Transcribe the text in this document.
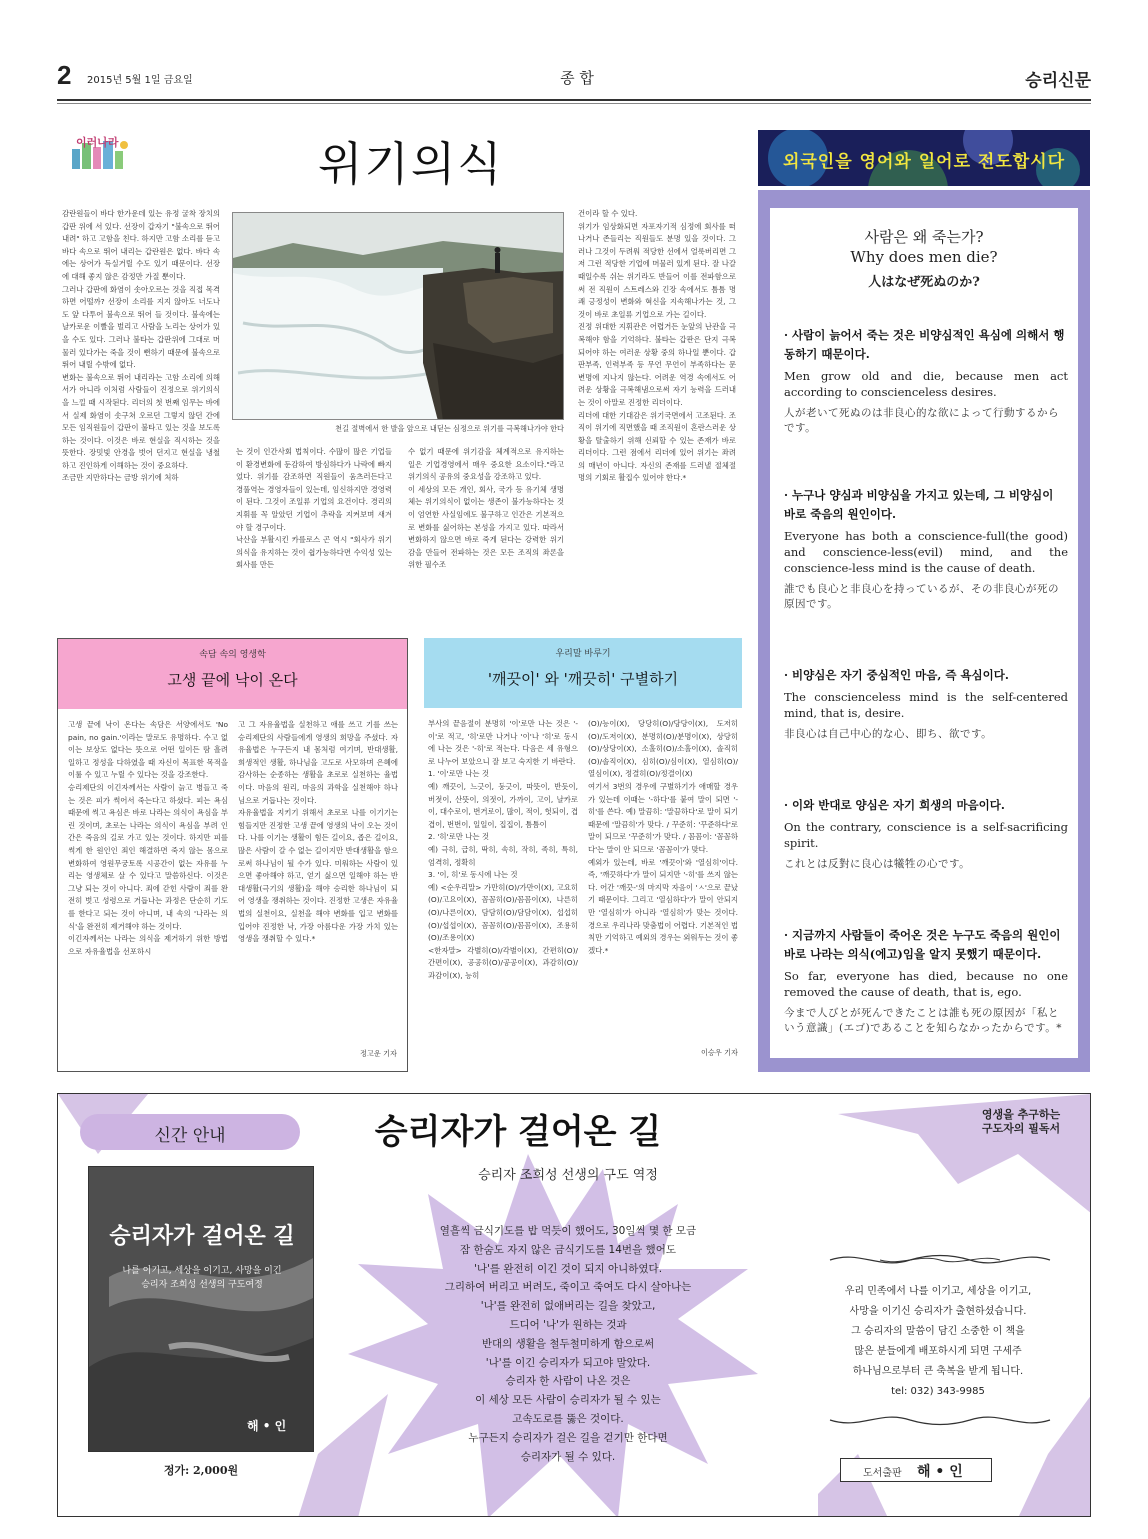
2 2015년 5월 1일 금요일	종 합	승리신문
이러나라	위기의식
감란원들이 바다 한가운데 있는 유정 굴착 장치의 갑판 위에 서 있다. 선장이 갑자기 "불속으로 뛰어 내려" 하고 고함을 친다. 하지만 고함 소리를 듣고 바다 속으로 뛰어 내리는 갑란원은 없다. 바다 속에는 상어가 득실거릴 수도 있기 때문이다. 선장에 대해 좋지 않은 감정만 가질 뿐이다.
그러나 갑판에 화염이 솟아오르는 것을 직접 목격하면 어떨까? 선장이 소리를 지지 않아도 너도나도 앞 다투어 불속으로 뛰어 들 것이다. 불속에는 날카로운 이빨을 벌리고 사람을 노리는 상어가 있을 수도 있다. 그러나 불타는 갑판위에 그대로 머물러 있다가는 죽을 것이 뻔하기 때문에 불속으로 뛰어 내릴 수밖에 없다.
변화는 불속으로 뛰어 내리라는 고함 소리에 의해서가 아니라 이처럼 사람들이 진정으로 위기의식을 느낄 때 시작된다. 리더의 첫 번째 임무는 바에서 실제 화염이 솟구쳐 오르던 그렇지 않던 간에 모든 임직원들이 갑판이 불타고 있는 것을 보도록 하는 것이다. 이것은 바로 현실을 직시하는 것을 뜻한다. 장밋빛 안경을 벗어 던지고 현실을 냉철하고 진인하게 이해하는 것이 중요하다.
조금만 지만하다는 금방 위기에 처하
천길 절벽에서 한 발을 앞으로 내딛는 심정으로 위기를 극복해나가야 한다
는 것이 인간사회 법칙이다. 수많이 많은 기업들이 환경변화에 둔감하여 방심하다가 나락에 빠지었다. 위기를 감조하면 직원들이 움츠러든다고 경풀역는 경영자들이 있는데, 임신하지만 경영력이 된다. 그것이 조일류 기업의 요건이다. 경리의 지휘를 꼭 알았던 기업이 추락을 지켜보며 새겨야 할 경구이다.
낙산을 부활시킨 카를로스 곤 역시 "회사가 위기의식을 유지하는 것이 쉽가능하다면 수익성 있는 회사를 만든
수 없기 때문에 위기감을 체계적으로 유지하는 일은 기업경영에서 매우 중요한 요소이다."라고 위기의식 공유의 중요성을 강조하고 있다.
이 세상의 모든 개인, 회사, 국가 등 유기체 생명체는 위기의식이 없이는 생존이 불가능하다는 것이 엄연한 사실임에도 불구하고 인간은 기본적으로 변화를 싫어하는 본성을 가지고 있다. 따라서 변화하지 않으면 바로 죽게 된다는 강력한 위기감을 만들어 전파하는 것은 모든 조직의 좌론을 위한 필수조
건이라 할 수 있다.
위기가 임상화되면 자포자기적 심정에 회사를 떠나거나 존들리는 직원들도 분명 있을 것이다. 그러나 그것이 두려워 적당한 선에서 얼룩버리면 그 저 그런 적당한 기업에 머물러 있게 된다. 잘 나갈 때일수록 쉬는 위기라도 반들어 이를 전파함으로써 전 직원이 스트레스와 긴장 속에서도 틈틈 명쾌 긍정성이 변화와 혁신을 지속해나가는 것, 그것이 바로 초일류 기업으로 가는 길이다.
진정 위대한 지휘관은 어렵거든 눈앞의 난관을 극복해야 함을 기억하다. 불타는 갑판은 단지 극복되어야 하는 여러운 상황 중의 하나일 뿐이다. 갑판부족, 인력부족 등 무언 무언이 부족하다는 문 변명에 지나지 않는다. 어려운 역경 속에서도 어려운 상황을 극복해냄으로써 자기 능력을 드러내는 것이 아말로 진정한 리더이다.
리더에 대한 기대감은 위기국면에서 고조된다. 조직이 위기에 직면했을 때 조직원이 혼란스러운 상황을 탈출하기 위해 신뢰할 수 있는 존재가 바로 리더이다. 그런 점에서 리더에 있어 위기는 좌려의 매년이 아니다. 자신의 존재를 드러낼 절체절명의 기회로 활집수 있어야 한다.*
외국인을 영어와 일어로 전도합시다
사람은 왜 죽는가?
Why does men die?
人はなぜ死ぬのか?
· 사람이 늙어서 죽는 것은 비양심적인 욕심에 의해서 행동하기 때문이다.
Men grow old and die, because men act according to conscienceless desires.
人が老いて死ぬのは非良心的な欲によって行動するからです。
· 누구나 양심과 비양심을 가지고 있는데, 그 비양심이 바로 죽음의 원인이다.
Everyone has both a conscience-full(the good) and conscience-less(evil) mind, and the conscience-less mind is the cause of death.
誰でも良心と非良心を持っているが、その非良心が死の原因です。
· 비양심은 자기 중심적인 마음, 즉 욕심이다.
The conscienceless mind is the self-centered mind, that is, desire.
非良心は自己中心的な心、即ち、欲です。
· 이와 반대로 양심은 자기 희생의 마음이다.
On the contrary, conscience is a self-sacrificing spirit.
これとは反對に良心は犧牲の心です。
· 지금까지 사람들이 죽어온 것은 누구도 죽음의 원인이 바로 나라는 의식(에고)임을 알지 못했기 때문이다.
So far, everyone has died, because no one removed the cause of death, that is, ego.
今まで人びとが死んできたことは誰も死の原因が「私という意識」(エゴ)であることを知らなかったからです。*
속담 속의 영생학
고생 끝에 낙이 온다
고생 끝에 낙이 온다는 속담은 서양에서도 'No pain, no gain.'이라는 말로도 유명하다. 수고 없이는 보상도 없다는 뜻으로 어떤 일이든 땀 흘려 일하고 정성을 다하였을 때 자신이 목표한 목적을 이룰 수 있고 누릴 수 있다는 것을 강조한다.
승리제단의 이긴자께서는 사람이 늙고 병들고 죽는 것은 피가 썩어서 죽는다고 하셨다. 피는 욕심 때문에 썩고 욕심은 바로 나라는 의식이 욕심을 부린 것이며, 초로는 나라는 의식이 욕심을 부려 인간은 죽음의 길로 가고 있는 것이다. 하지만 피를 썩게 한 원인인 죄인 해결하면 죽지 않는 몸으로 변화하여 영원무궁토록 시공간이 없는 자유를 누리는 영생체로 살 수 있다고 말씀하신다. 이것은 그냥 되는 것이 아니다. 죄에 갇힌 사람이 죄를 완전히 벗고 성령으로 거듭나는 과정은 단순히 기도를 한다고 되는 것이 아니며, 내 속의 '나라는 의식'을 완전히 제거해야 하는 것이다.
이긴자께서는 나라는 의식을 제거하기 위한 방법으로 자유율법을 선포하시
고 그 자유율법을 실천하고 애를 쓰고 기를 쓰는 승리제단의 사람들에게 영생의 희망을 주셨다. 자유율법은 누구든지 내 몸처럼 여기며, 반대생활, 희생적인 생활, 하나님을 고도로 사모하며 은혜에 감사하는 순종하는 생활을 초로로 실천하는 율법이다. 마음의 원리, 마음의 과학을 실천해야 하나님으로 거듭나는 것이다.
자유율법을 지키기 위해서 초로로 나를 이기기는 힘들지만 진정한 고생 끝에 영생의 낙이 오는 것이다. 나를 이기는 생활이 힘든 길이요, 좁은 길이요, 많은 사람이 갈 수 없는 길이지만 반대생활을 함으로써 하나님이 될 수가 있다. 미워하는 사람이 있으면 좋아해야 하고, 얻기 싫으면 일해야 하는 반대생활(극기의 생활)을 해야 승리한 하나님이 되어 영생을 쟁취하는 것이다. 진정한 고생은 자유율법의 실천이요, 실천을 해야 변화를 입고 변화를 입어야 진정한 낙, 가장 아름다운 가장 가치 있는 영생을 쟁취할 수 있다.*
정고운 기자
우리말 바루기
'깨끗이' 와 '깨끗히' 구별하기
부사의 끝음절이 분명히 '이'로만 나는 것은 '-이'로 적고, '히'로만 나거나 '이'나 '히'로 동시에 나는 것은 '-히'로 적는다. 다음은 세 유형으로 나누어 보았으니 잘 보고 숙지한 기 바란다.
1. '이'로만 나는 것
예) 깨끗이, 느긋이, 둥긋이, 따뜻이, 반듯이, 버젓이, 산뜻이, 의젓이, 가까이, 고이, 날카로이, 대수로이, 번거로이, 많이, 적이, 헛되이, 겹겹이, 번번이, 일일이, 집집이, 틈틈이
2. '히'로만 나는 것
예) 극히, 급히, 딱히, 속히, 작히, 족히, 특히, 엄격히, 정확히
3. '이, 히'로 동시에 나는 것
예) <순우리말> 가만히(O)/가만이(X), 고요히(O)/고요이(X), 꼼꼼히(O)/꼼꼼이(X), 나른히(O)/나른이(X), 담담히(O)/담담이(X), 섭섭히(O)/섭섭이(X), 꼼꼼히(O)/꼼꼼이(X), 조용히(O)/조용이(X)
<한자말> 각별히(O)/각별이(X), 간편히(O)/간편이(X), 공공히(O)/공공이(X), 과감히(O)/과감이(X), 능히
(O)/능이(X), 당당히(O)/당당이(X), 도저히(O)/도저이(X), 분명히(O)/분명이(X), 상당히(O)/상당이(X), 소홀히(O)/소홀이(X), 솔직히(O)/솔직이(X), 심히(O)/심이(X), 열심히(O)/열심이(X), 정결히(O)/정결이(X)
여기서 3번의 경우에 구별하기가 애매할 경우가 있는데 이때는 '-하다'를 붙여 말이 되면 '-히'를 쓴다. 예) 말끔히: '말끔하다'로 말이 되기 때문에 '말끔히'가 맞다. / 꾸준히: '꾸준하다'로 말이 되므로 '꾸준히'가 맞다. / 꼼꼼이: '꼼꼼하다'는 말이 안 되므로 '꼼꼼이'가 맞다.
예외가 있는데, 바로 '깨끗이'와 '열심히'이다. 즉, '깨끗하다'가 말이 되지만 '-히'를 쓰지 않는다. 어간 '깨끗-'의 마지막 자음이 'ㅅ'으로 끝났기 때문이다. 그리고 '열심하다'가 말이 안되지만 '열심히'가 아니라 '열심히'가 맞는 것이다. 경으로 우리나라 맞춤법이 어렵다. 기본적인 법칙만 기억하고 예외의 경우는 외워두는 것이 좋겠다.*
이승우 기자
신간 안내
승리자가 걸어온 길
나를 이기고, 세상을 이기고, 사망을 이긴
승리자 조희성 선생의 구도여정
해 • 인
정가: 2,000원
승리자가 걸어온 길
승리자 조희성 선생의 구도 역정
열흘씩 금식기도를 밥 먹듯이 했어도, 30일씩 몇 한 모금
잠 한숨도 자지 않은 금식기도를 14번을 했어도
'나'를 완전히 이긴 것이 되지 아니하였다.
그리하여 버리고 버려도, 죽이고 죽여도 다시 살아나는
'나'를 완전히 없애버리는 길을 찾았고,
드디어 '나'가 원하는 것과
반대의 생활을 철두철미하게 함으로써
'나'를 이긴 승리자가 되고야 말았다.
승리자 한 사람이 나온 것은
이 세상 모든 사람이 승리자가 될 수 있는
고속도로를 뚫은 것이다.
누구든지 승리자가 걸은 길을 걷기만 한다면
승리자가 될 수 있다.
영생을 추구하는
구도자의 필독서
우리 민족에서 나를 이기고, 세상을 이기고,
사망을 이기신 승리자가 출현하셨습니다.
그 승리자의 말씀이 담긴 소중한 이 책을
많은 분들에게 배포하시게 되면 구세주
하나님으로부터 큰 축복을 받게 됩니다.
tel: 032) 343-9985
도서출판 해 • 인
